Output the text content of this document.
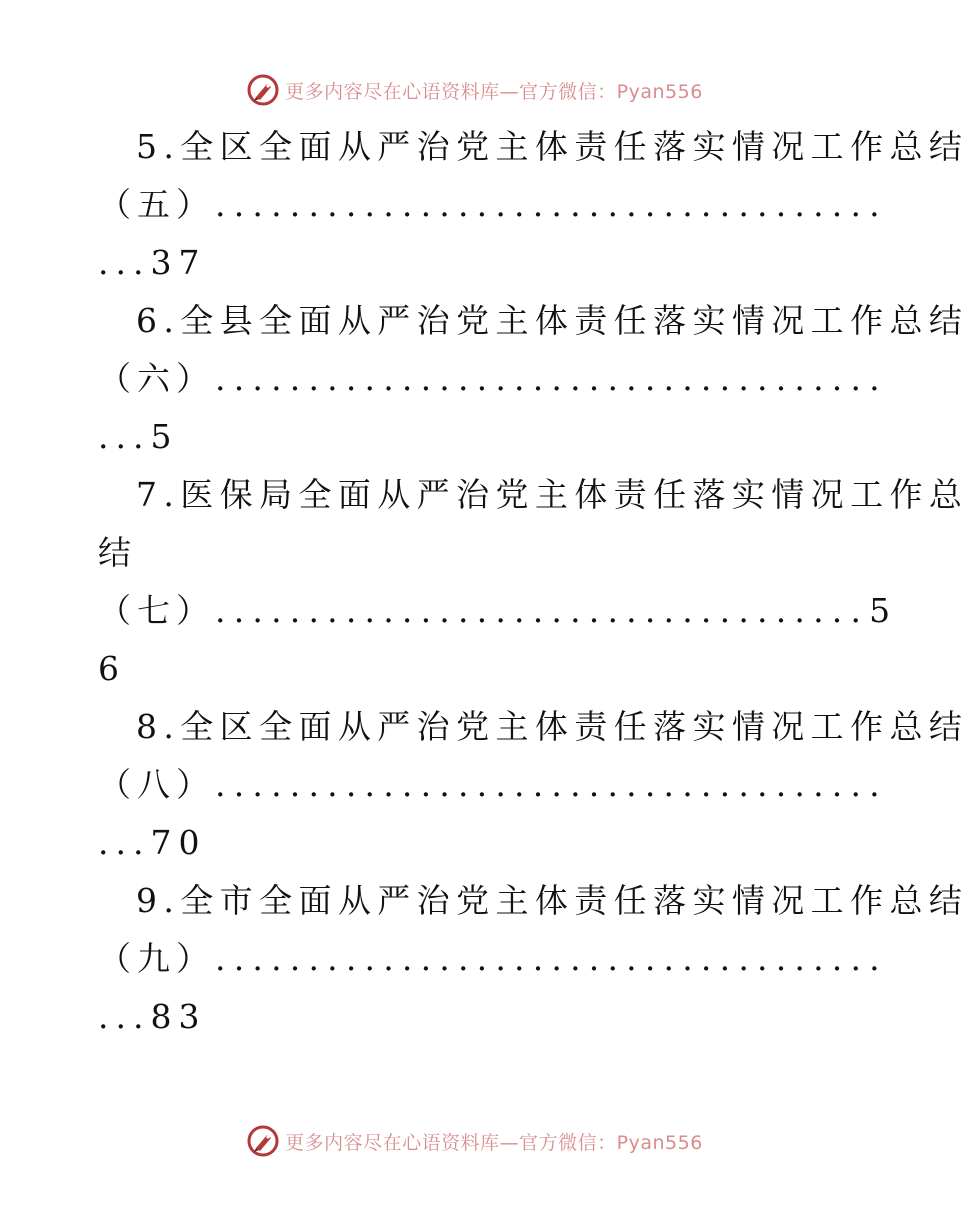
更多内容尽在心语资料库—官方微信：Pyan556
5.全区全面从严治党主体责任落实情况工作总结
（五）....................................
...37
6.全县全面从严治党主体责任落实情况工作总结
（六）....................................
...5
7.医保局全面从严治党主体责任落实情况工作总
结
（七）...................................5
6
8.全区全面从严治党主体责任落实情况工作总结
（八）....................................
...70
9.全市全面从严治党主体责任落实情况工作总结
（九）....................................
...83
更多内容尽在心语资料库—官方微信：Pyan556
